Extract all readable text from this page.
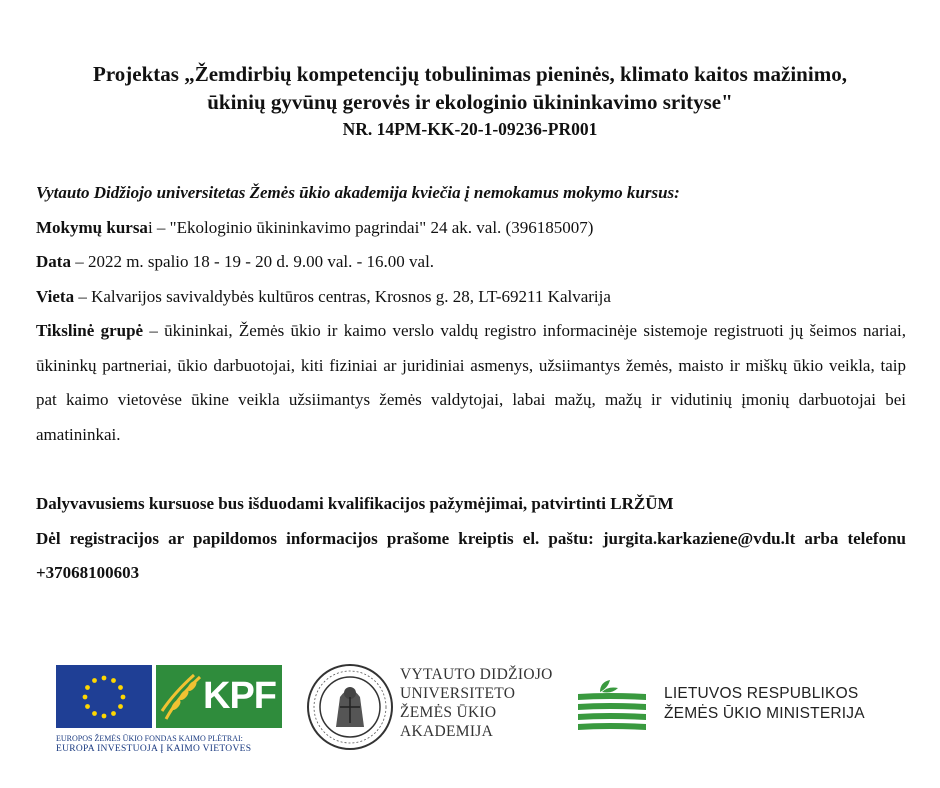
Projektas „Žemdirbių kompetencijų tobulinimas pieninės, klimato kaitos mažinimo,
ūkinių gyvūnų gerovės ir ekologinio ūkininkavimo srityse"
NR. 14PM-KK-20-1-09236-PR001

Vytauto Didžiojo universitetas Žemės ūkio akademija kviečia į nemokamus mokymo kursus:

Mokymų kursai – "Ekologinio ūkininkavimo pagrindai" 24 ak. val. (396185007)

Data – 2022 m. spalio 18 - 19 - 20 d. 9.00 val. - 16.00 val.

Vieta – Kalvarijos savivaldybės kultūros centras, Krosnos g. 28, LT-69211 Kalvarija

Tikslinė grupė – ūkininkai, Žemės ūkio ir kaimo verslo valdų registro informacinėje sistemoje registruoti jų šeimos nariai, ūkininkų partneriai, ūkio darbuotojai, kiti fiziniai ar juridiniai asmenys, užsiimantys žemės, maisto ir miškų ūkio veikla, taip pat kaimo vietovėse ūkine veikla užsiimantys žemės valdytojai, labai mažų, mažų ir vidutinių įmonių darbuotojai bei amatininkai.

Dalyvavusiems kursuose bus išduodami kvalifikacijos pažymėjimai, patvirtinti LRŽŪM

Dėl registracijos ar papildomos informacijos prašome kreiptis el. paštu: jurgita.karkaziene@vdu.lt arba telefonu +37068100603

KPF
EUROPOS ŽEMĖS ŪKIO FONDAS KAIMO PLĖTRAI:
EUROPA INVESTUOJA Į KAIMO VIETOVES
VYTAUTO DIDŽIOJO
UNIVERSITETO
ŽEMĖS ŪKIO
AKADEMIJA
LIETUVOS RESPUBLIKOS
ŽEMĖS ŪKIO MINISTERIJA
